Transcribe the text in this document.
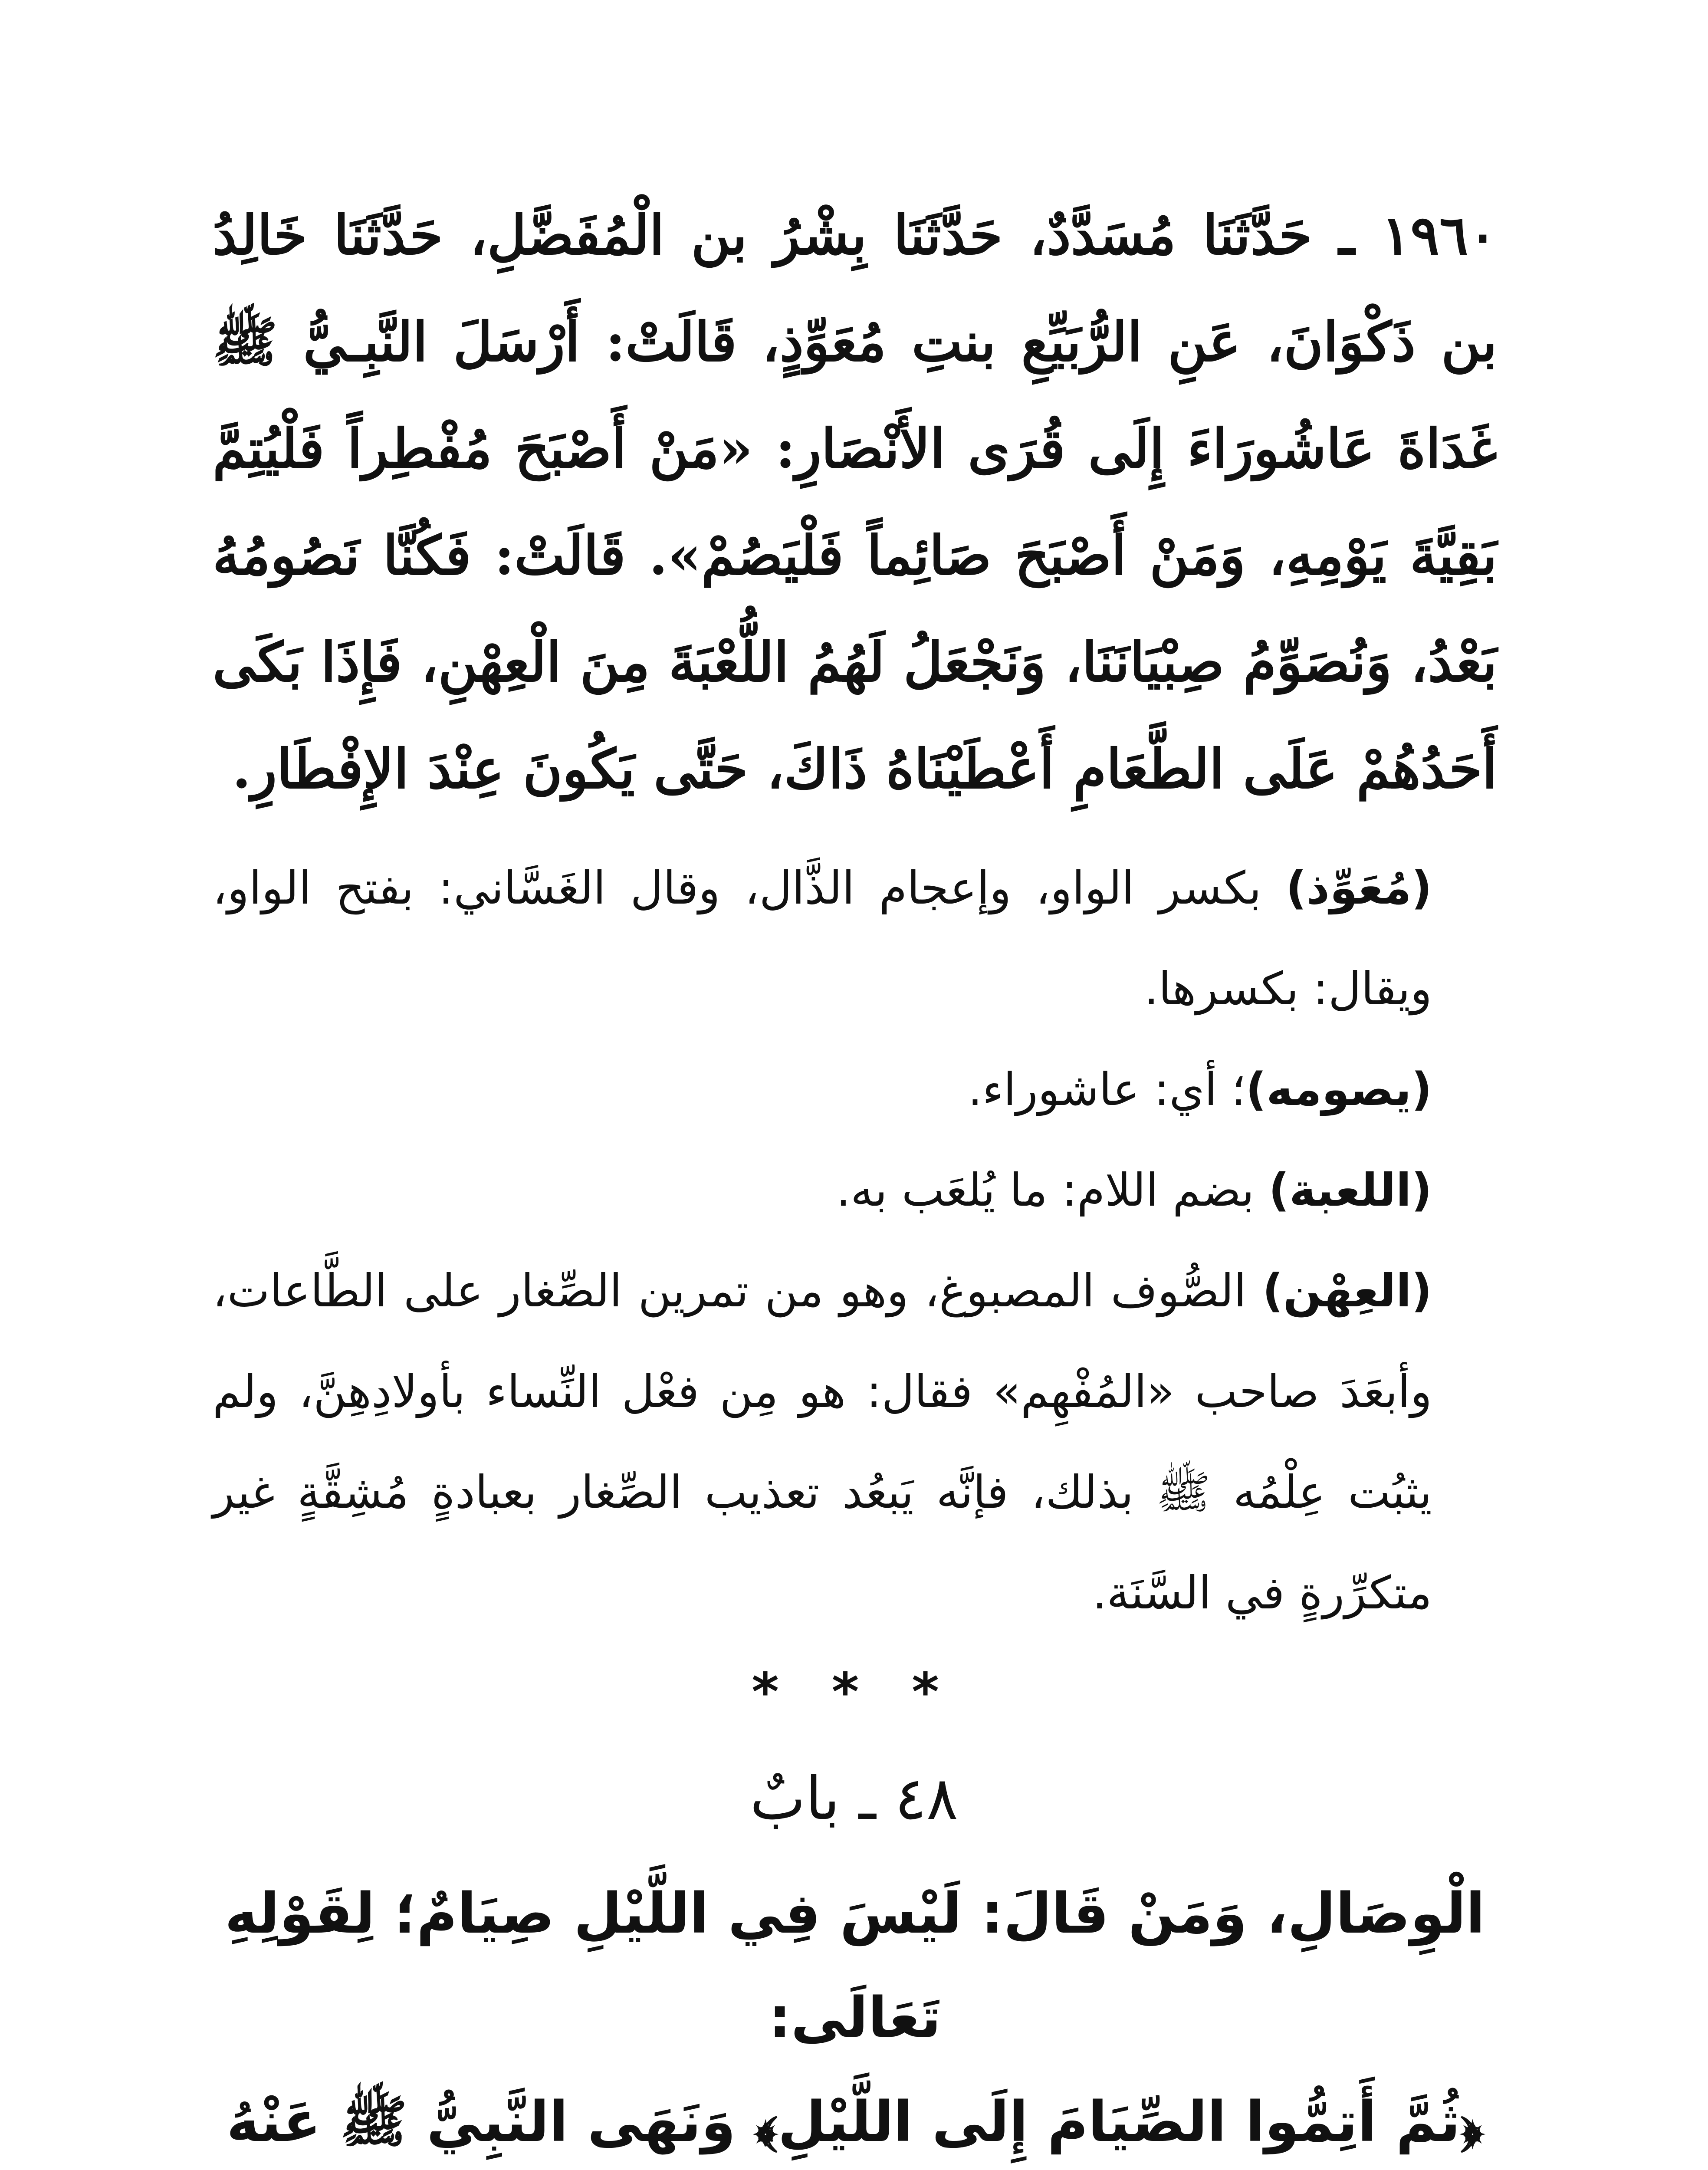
١٩٦٠ ـ حَدَّثَنَا مُسَدَّدٌ، حَدَّثَنَا بِشْرُ بن الْمُفَضَّلِ، حَدَّثَنَا خَالِدُ بن ذَكْوَانَ، عَنِ الرُّبَيِّعِ بنتِ مُعَوِّذٍ، قَالَتْ: أَرْسَلَ النَّبِـيُّ ﷺ غَدَاةَ عَاشُورَاءَ إِلَى قُرَى الأَنْصَارِ: «مَنْ أَصْبَحَ مُفْطِراً فَلْيُتِمَّ بَقِيَّةَ يَوْمِهِ، وَمَنْ أَصْبَحَ صَائِماً فَلْيَصُمْ». قَالَتْ: فَكُنَّا نَصُومُهُ بَعْدُ، وَنُصَوِّمُ صِبْيَانَنَا، وَنَجْعَلُ لَهُمُ اللُّعْبَةَ مِنَ الْعِهْنِ، فَإِذَا بَكَى أَحَدُهُمْ عَلَى الطَّعَامِ أَعْطَيْنَاهُ ذَاكَ، حَتَّى يَكُونَ عِنْدَ الإِفْطَارِ.

(مُعَوِّذ) بكسر الواو، وإعجام الذَّال، وقال الغَسَّاني: بفتح الواو، ويقال: بكسرها.

(يصومه)؛ أي: عاشوراء.

(اللعبة) بضم اللام: ما يُلعَب به.

(العِهْن) الصُّوف المصبوغ، وهو من تمرين الصِّغار على الطَّاعات، وأبعَدَ صاحب «المُفْهِم» فقال: هو مِن فعْل النِّساء بأولادِهِنَّ، ولم يثبُت عِلْمُه ﷺ بذلك، فإنَّه يَبعُد تعذيب الصِّغار بعبادةٍ مُشِقَّةٍ غير متكرِّرةٍ في السَّنَة.

* * *
٤٨ ـ بابٌ
الْوِصَالِ، وَمَنْ قَالَ: لَيْسَ فِي اللَّيْلِ صِيَامٌ؛ لِقَوْلِهِ تَعَالَى:
﴿ثُمَّ أَتِمُّوا الصِّيَامَ إِلَى اللَّيْلِ﴾ وَنَهَى النَّبِيُّ ﷺ عَنْهُ
